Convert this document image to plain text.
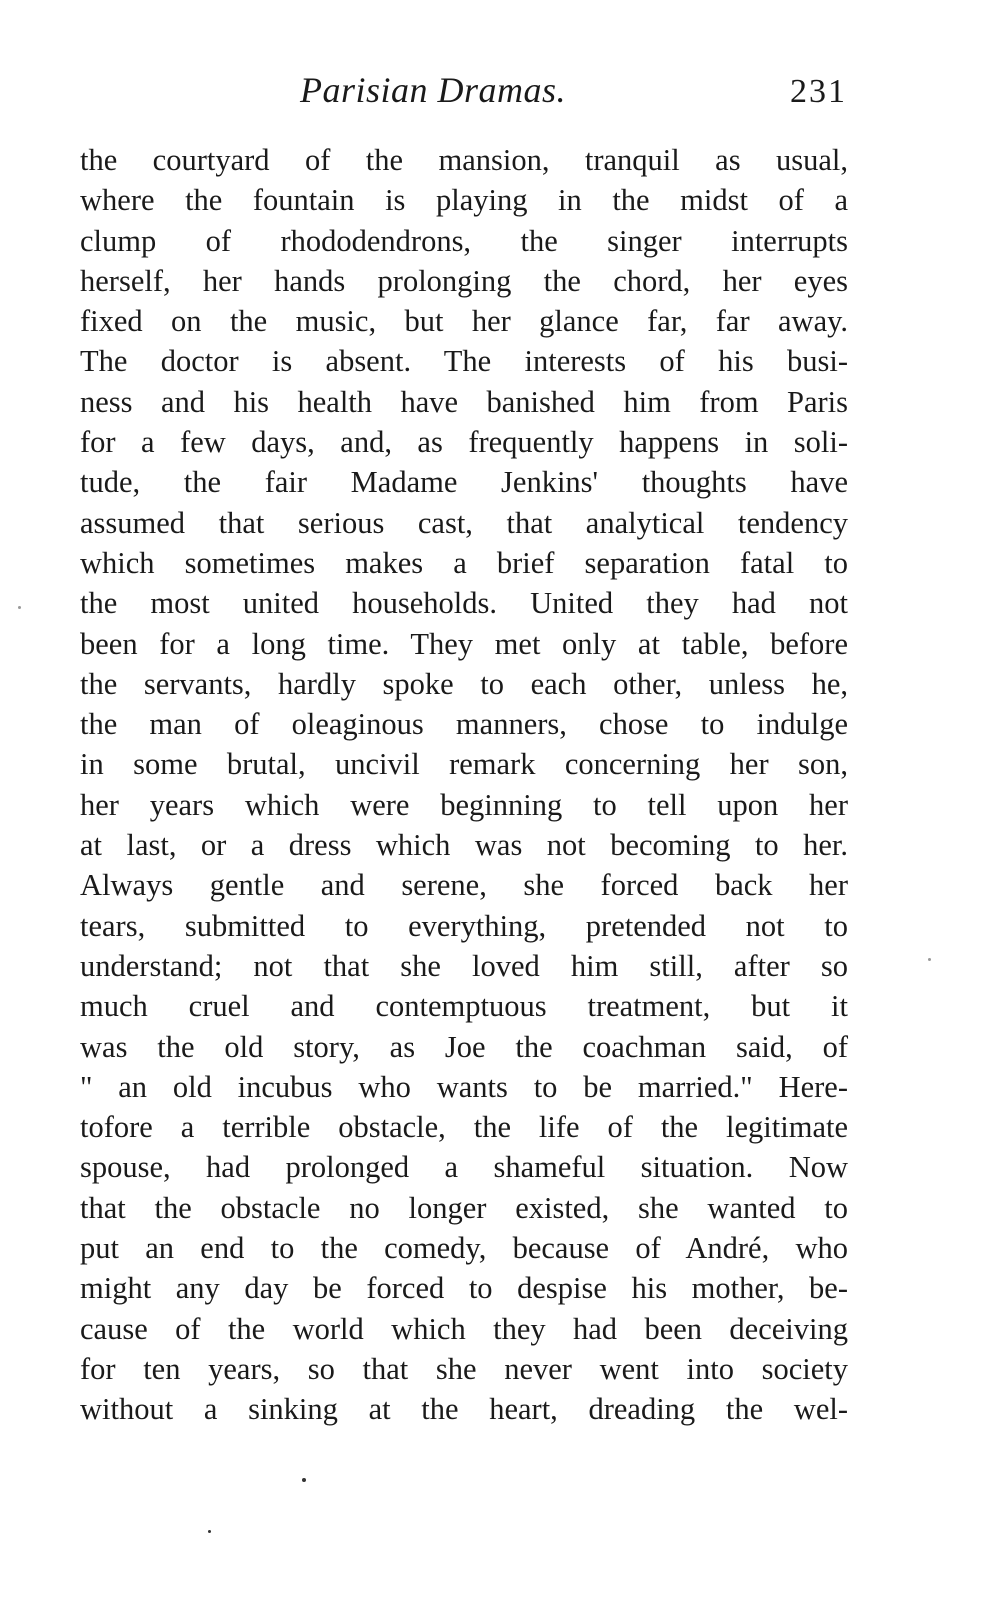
Parisian Dramas.	231
the courtyard of the mansion, tranquil as usual,
where the fountain is playing in the midst of a
clump of rhododendrons, the singer interrupts
herself, her hands prolonging the chord, her eyes
fixed on the music, but her glance far, far away.
The doctor is absent. The interests of his busi-
ness and his health have banished him from Paris
for a few days, and, as frequently happens in soli-
tude, the fair Madame Jenkins' thoughts have
assumed that serious cast, that analytical tendency
which sometimes makes a brief separation fatal to
the most united households. United they had not
been for a long time. They met only at table, before
the servants, hardly spoke to each other, unless he,
the man of oleaginous manners, chose to indulge
in some brutal, uncivil remark concerning her son,
her years which were beginning to tell upon her
at last, or a dress which was not becoming to her.
Always gentle and serene, she forced back her
tears, submitted to everything, pretended not to
understand; not that she loved him still, after so
much cruel and contemptuous treatment, but it
was the old story, as Joe the coachman said, of
" an old incubus who wants to be married." Here-
tofore a terrible obstacle, the life of the legitimate
spouse, had prolonged a shameful situation. Now
that the obstacle no longer existed, she wanted to
put an end to the comedy, because of André, who
might any day be forced to despise his mother, be-
cause of the world which they had been deceiving
for ten years, so that she never went into society
without a sinking at the heart, dreading the wel-
